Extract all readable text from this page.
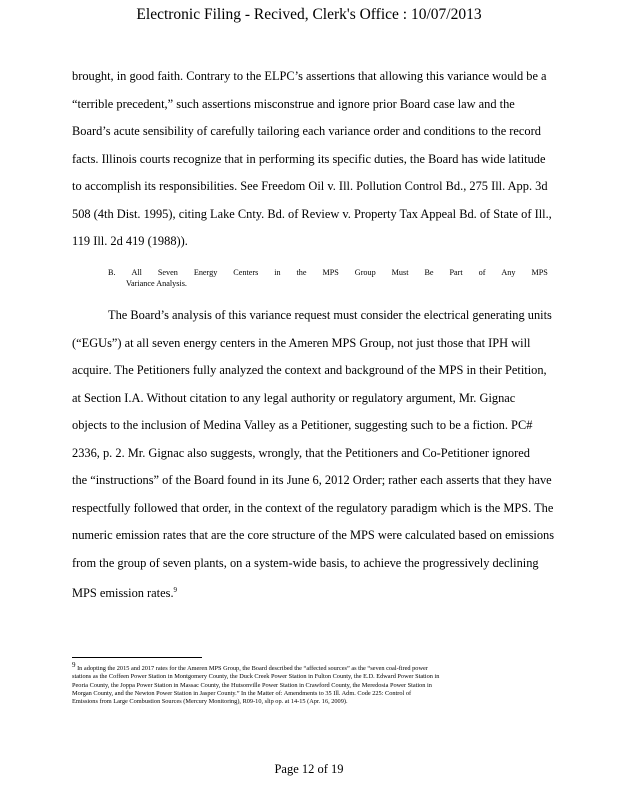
Electronic Filing - Recived, Clerk's Office : 10/07/2013
brought, in good faith. Contrary to the ELPC’s assertions that allowing this variance would be a
“terrible precedent,” such assertions misconstrue and ignore prior Board case law and the
Board’s acute sensibility of carefully tailoring each variance order and conditions to the record
facts. Illinois courts recognize that in performing its specific duties, the Board has wide latitude
to accomplish its responsibilities. See Freedom Oil v. Ill. Pollution Control Bd., 275 Ill. App. 3d
508 (4th Dist. 1995), citing Lake Cnty. Bd. of Review v. Property Tax Appeal Bd. of State of Ill.,
119 Ill. 2d 419 (1988)).
B. All Seven Energy Centers in the MPS Group Must Be Part of Any MPS
Variance Analysis.
The Board’s analysis of this variance request must consider the electrical generating units
(“EGUs”) at all seven energy centers in the Ameren MPS Group, not just those that IPH will
acquire. The Petitioners fully analyzed the context and background of the MPS in their Petition,
at Section I.A. Without citation to any legal authority or regulatory argument, Mr. Gignac
objects to the inclusion of Medina Valley as a Petitioner, suggesting such to be a fiction. PC#
2336, p. 2. Mr. Gignac also suggests, wrongly, that the Petitioners and Co-Petitioner ignored
the “instructions” of the Board found in its June 6, 2012 Order; rather each asserts that they have
respectfully followed that order, in the context of the regulatory paradigm which is the MPS. The
numeric emission rates that are the core structure of the MPS were calculated based on emissions
from the group of seven plants, on a system-wide basis, to achieve the progressively declining
MPS emission rates.$^9$
$^9$ In adopting the 2015 and 2017 rates for the Ameren MPS Group, the Board described the “affected sources” as the “seven coal-fired power
stations as the Coffeen Power Station in Montgomery County, the Duck Creek Power Station in Fulton County, the E.D. Edward Power Station in
Peoria County, the Joppa Power Station in Massac County, the Hutsonville Power Station in Crawford County, the Meredosia Power Station in
Morgan County, and the Newton Power Station in Jasper County.” In the Matter of: Amendments to 35 Ill. Adm. Code 225: Control of
Emissions from Large Combustion Sources (Mercury Monitoring), R09-10, slip op. at 14-15 (Apr. 16, 2009).
Page 12 of 19
